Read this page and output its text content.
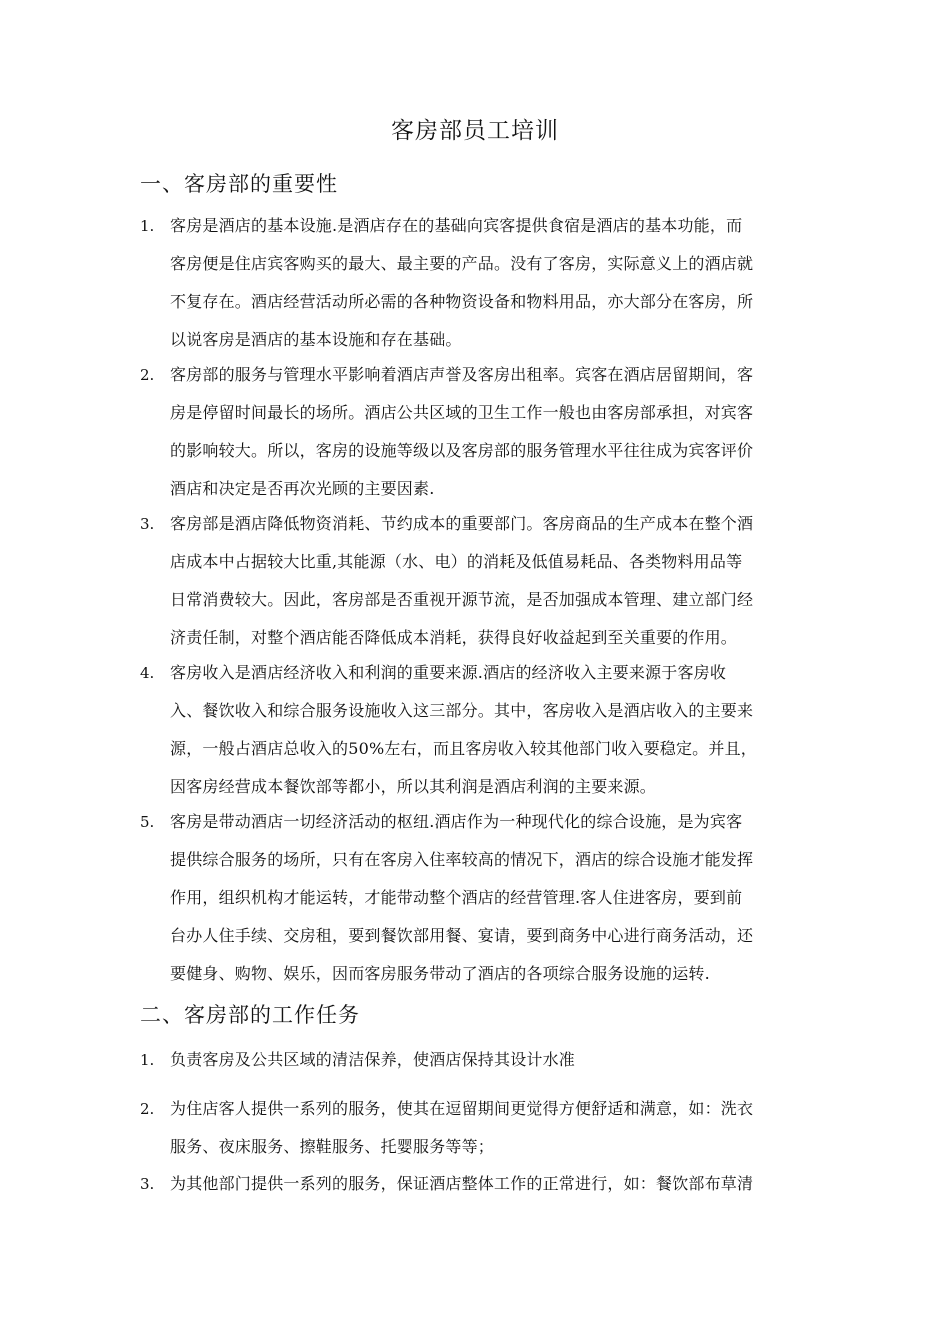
客房部员工培训
一、客房部的重要性
1. 客房是酒店的基本设施.是酒店存在的基础向宾客提供食宿是酒店的基本功能，而
客房便是住店宾客购买的最大、最主要的产品。没有了客房，实际意义上的酒店就
不复存在。酒店经营活动所必需的各种物资设备和物料用品，亦大部分在客房，所
以说客房是酒店的基本设施和存在基础。
2. 客房部的服务与管理水平影响着酒店声誉及客房出租率。宾客在酒店居留期间，客
房是停留时间最长的场所。酒店公共区域的卫生工作一般也由客房部承担，对宾客
的影响较大。所以，客房的设施等级以及客房部的服务管理水平往往成为宾客评价
酒店和决定是否再次光顾的主要因素.
3. 客房部是酒店降低物资消耗、节约成本的重要部门。客房商品的生产成本在整个酒
店成本中占据较大比重,其能源（水、电）的消耗及低值易耗品、各类物料用品等
日常消费较大。因此，客房部是否重视开源节流，是否加强成本管理、建立部门经
济责任制，对整个酒店能否降低成本消耗，获得良好收益起到至关重要的作用。
4. 客房收入是酒店经济收入和利润的重要来源.酒店的经济收入主要来源于客房收
入、餐饮收入和综合服务设施收入这三部分。其中，客房收入是酒店收入的主要来
源，一般占酒店总收入的50%左右，而且客房收入较其他部门收入要稳定。并且，
因客房经营成本餐饮部等都小，所以其利润是酒店利润的主要来源。
5. 客房是带动酒店一切经济活动的枢纽.酒店作为一种现代化的综合设施，是为宾客
提供综合服务的场所，只有在客房入住率较高的情况下，酒店的综合设施才能发挥
作用，组织机构才能运转，才能带动整个酒店的经营管理.客人住进客房，要到前
台办人住手续、交房租，要到餐饮部用餐、宴请，要到商务中心进行商务活动，还
要健身、购物、娱乐，因而客房服务带动了酒店的各项综合服务设施的运转.
二、客房部的工作任务
1. 负责客房及公共区域的清洁保养，使酒店保持其设计水准
2. 为住店客人提供一系列的服务，使其在逗留期间更觉得方便舒适和满意，如：洗衣
服务、夜床服务、擦鞋服务、托婴服务等等；
3. 为其他部门提供一系列的服务，保证酒店整体工作的正常进行，如：餐饮部布草清
